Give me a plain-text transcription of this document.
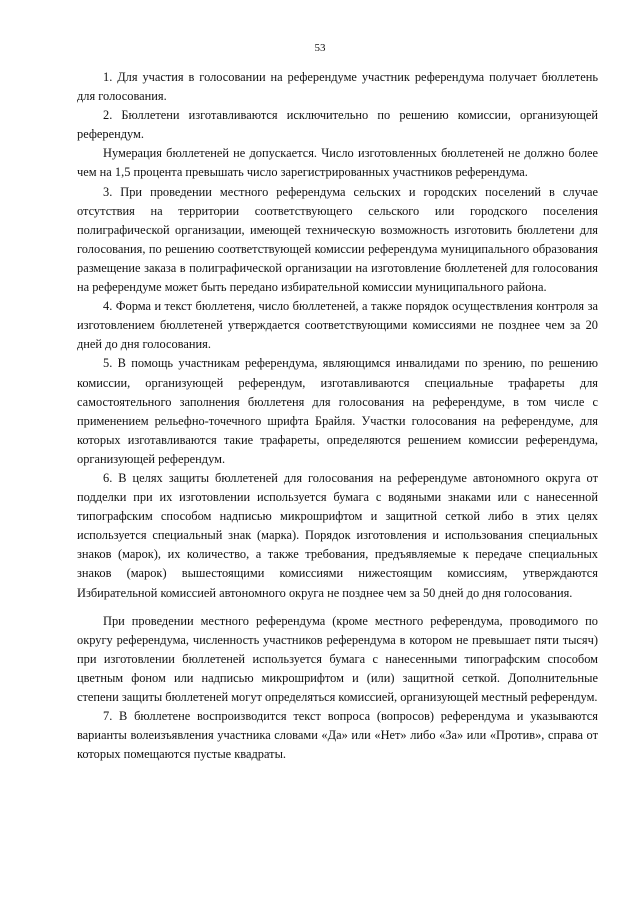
53

1. Для участия в голосовании на референдуме участник референдума получает бюллетень для голосования.

2. Бюллетени изготавливаются исключительно по решению комиссии, организующей референдум.

Нумерация бюллетеней не допускается. Число изготовленных бюллетеней не должно более чем на 1,5 процента превышать число зарегистрированных участников референдума.

3. При проведении местного референдума сельских и городских поселений в случае отсутствия на территории соответствующего сельского или городского поселения полиграфической организации, имеющей техническую возможность изготовить бюллетени для голосования, по решению соответствующей комиссии референдума муниципального образования размещение заказа в полиграфической организации на изготовление бюллетеней для голосования на референдуме может быть передано избирательной комиссии муниципального района.

4. Форма и текст бюллетеня, число бюллетеней, а также порядок осуществления контроля за изготовлением бюллетеней утверждается соответствующими комиссиями не позднее чем за 20 дней до дня голосования.

5. В помощь участникам референдума, являющимся инвалидами по зрению, по решению комиссии, организующей референдум, изготавливаются специальные трафареты для самостоятельного заполнения бюллетеня для голосования на референдуме, в том числе с применением рельефно-точечного шрифта Брайля. Участки голосования на референдуме, для которых изготавливаются такие трафареты, определяются решением комиссии референдума, организующей референдум.

6. В целях защиты бюллетеней для голосования на референдуме автономного округа от подделки при их изготовлении используется бумага с водяными знаками или с нанесенной типографским способом надписью микрошрифтом и защитной сеткой либо в этих целях используется специальный знак (марка). Порядок изготовления и использования специальных знаков (марок), их количество, а также требования, предъявляемые к передаче специальных знаков (марок) вышестоящими комиссиями нижестоящим комиссиям, утверждаются Избирательной комиссией автономного округа не позднее чем за 50 дней до дня голосования.

При проведении местного референдума (кроме местного референдума, проводимого по округу референдума, численность участников референдума в котором не превышает пяти тысяч) при изготовлении бюллетеней используется бумага с нанесенными типографским способом цветным фоном или надписью микрошрифтом и (или) защитной сеткой. Дополнительные степени защиты бюллетеней могут определяться комиссией, организующей местный референдум.

7. В бюллетене воспроизводится текст вопроса (вопросов) референдума и указываются варианты волеизъявления участника словами «Да» или «Нет» либо «За» или «Против», справа от которых помещаются пустые квадраты.
